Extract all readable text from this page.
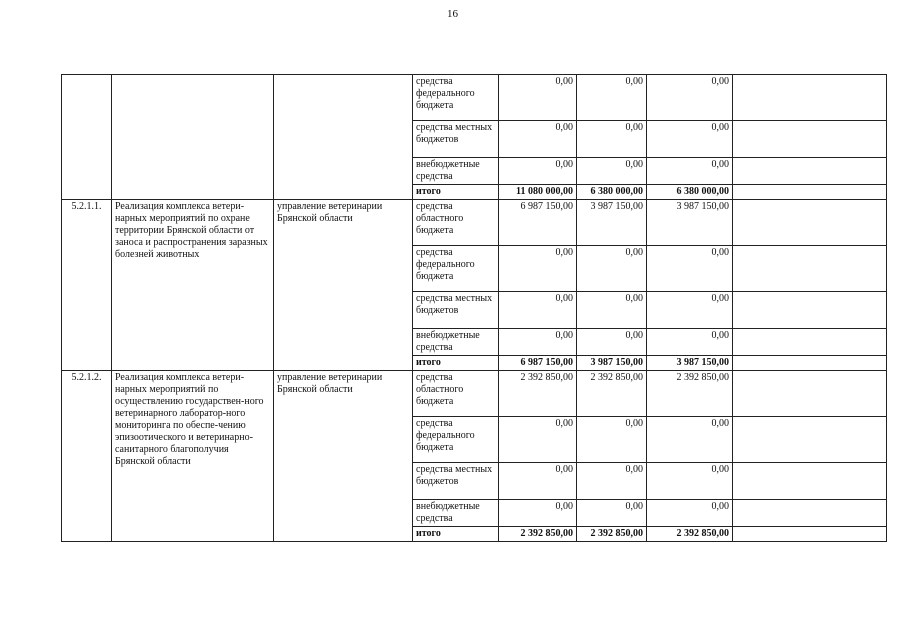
16
			средства федерального бюджета	0,00	0,00	0,00	
			средства местных бюджетов	0,00	0,00	0,00	
			внебюджетные средства	0,00	0,00	0,00	
			итого	11 080 000,00	6 380 000,00	6 380 000,00	
5.2.1.1.	Реализация комплекса ветери-нарных мероприятий по охране территории Брянской области от заноса и распространения заразных болезней животных	управление ветеринарии Брянской области	средства областного бюджета	6 987 150,00	3 987 150,00	3 987 150,00	
			средства федерального бюджета	0,00	0,00	0,00	
			средства местных бюджетов	0,00	0,00	0,00	
			внебюджетные средства	0,00	0,00	0,00	
			итого	6 987 150,00	3 987 150,00	3 987 150,00	
5.2.1.2.	Реализация комплекса ветери-нарных мероприятий по осуществлению государствен-ного ветеринарного лаборатор-ного мониторинга по обеспе-чению эпизоотического и ветеринарно-санитарного благополучия Брянской области	управление ветеринарии Брянской области	средства областного бюджета	2 392 850,00	2 392 850,00	2 392 850,00	
			средства федерального бюджета	0,00	0,00	0,00	
			средства местных бюджетов	0,00	0,00	0,00	
			внебюджетные средства	0,00	0,00	0,00	
			итого	2 392 850,00	2 392 850,00	2 392 850,00	
